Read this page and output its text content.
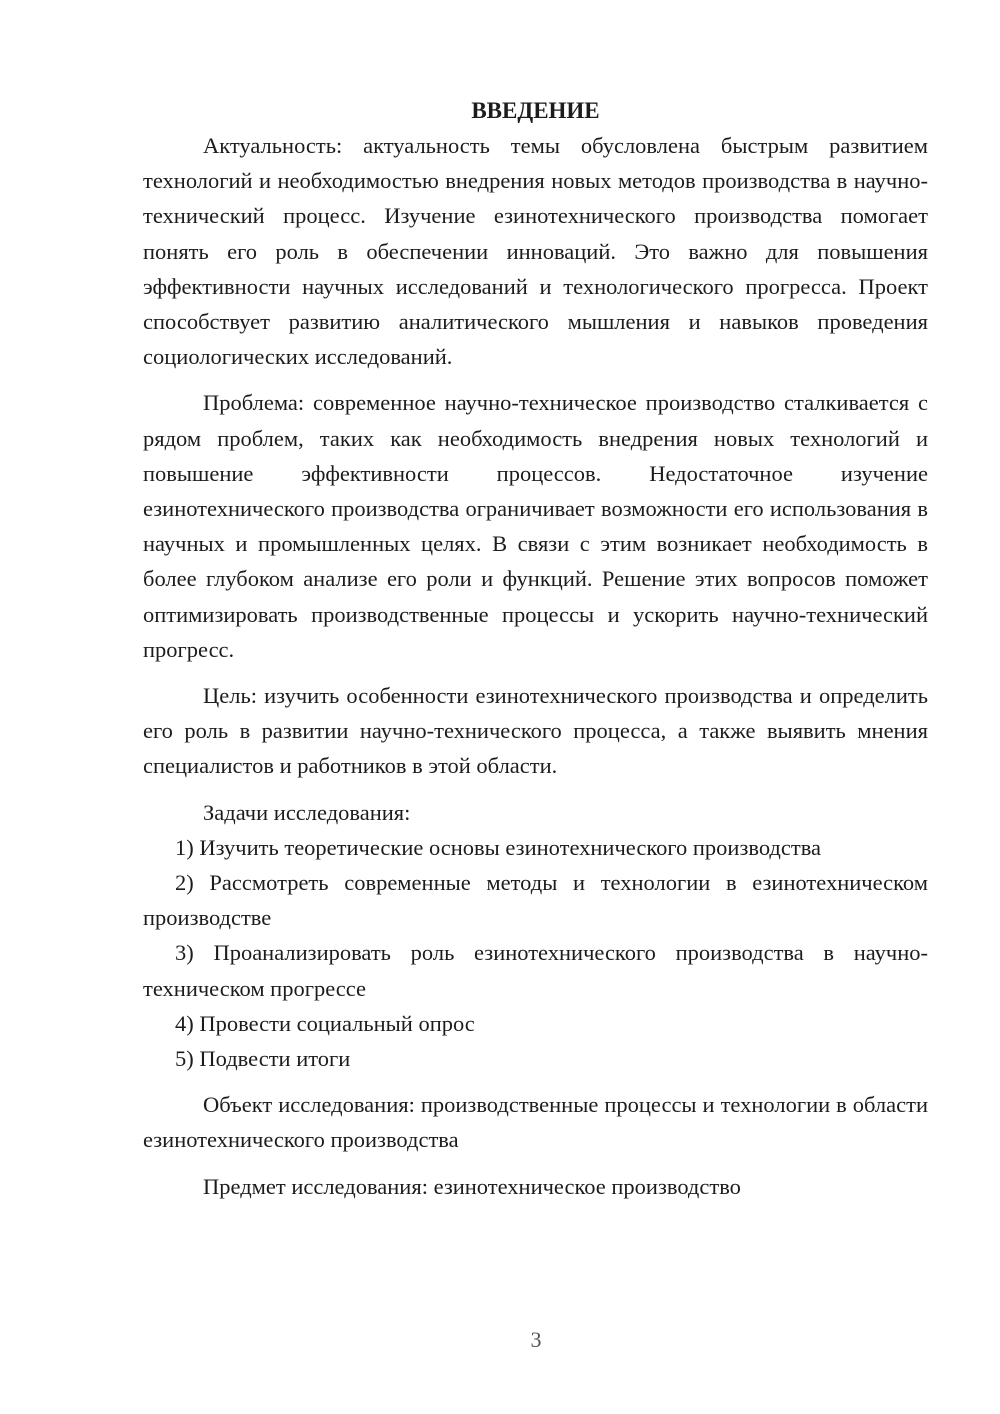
ВВЕДЕНИЕ

Актуальность: актуальность темы обусловлена быстрым развитием технологий и необходимостью внедрения новых методов производства в научно-технический процесс. Изучение езинотехнического производства помогает понять его роль в обеспечении инноваций. Это важно для повышения эффективности научных исследований и технологического прогресса. Проект способствует развитию аналитического мышления и навыков проведения социологических исследований.

Проблема: современное научно-техническое производство сталкивается с рядом проблем, таких как необходимость внедрения новых технологий и повышение эффективности процессов. Недостаточное изучение езинотехнического производства ограничивает возможности его использования в научных и промышленных целях. В связи с этим возникает необходимость в более глубоком анализе его роли и функций. Решение этих вопросов поможет оптимизировать производственные процессы и ускорить научно-технический прогресс.

Цель: изучить особенности езинотехнического производства и определить его роль в развитии научно-технического процесса, а также выявить мнения специалистов и работников в этой области.

Задачи исследования:

1) Изучить теоретические основы езинотехнического производства

2) Рассмотреть современные методы и технологии в езинотехническом производстве

3) Проанализировать роль езинотехнического производства в научно-техническом прогрессе

4) Провести социальный опрос

5) Подвести итоги

Объект исследования: производственные процессы и технологии в области езинотехнического производства

Предмет исследования: езинотехническое производство

3
